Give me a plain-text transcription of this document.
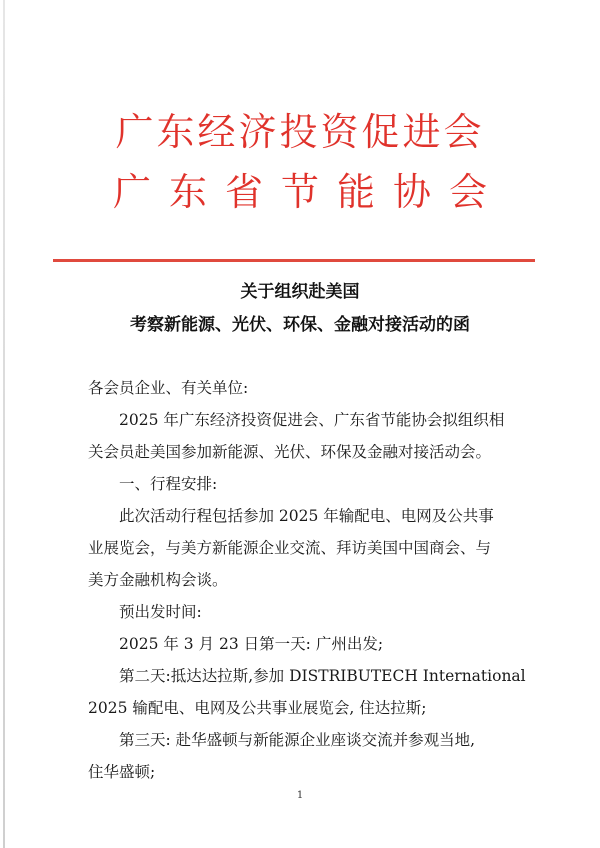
广东经济投资促进会
广东省节能协会
关于组织赴美国
考察新能源、光伏、环保、金融对接活动的函
各会员企业、有关单位:
2025 年广东经济投资促进会、广东省节能协会拟组织相
关会员赴美国参加新能源、光伏、环保及金融对接活动会。
一、行程安排:
此次活动行程包括参加 2025 年输配电、电网及公共事
业展览会，与美方新能源企业交流、拜访美国中国商会、与
美方金融机构会谈。
预出发时间:
2025 年 3 月 23 日第一天: 广州出发;
第二天:抵达达拉斯,参加 DISTRIBUTECH International
2025 输配电、电网及公共事业展览会, 住达拉斯;
第三天: 赴华盛顿与新能源企业座谈交流并参观当地,
住华盛顿;
1
